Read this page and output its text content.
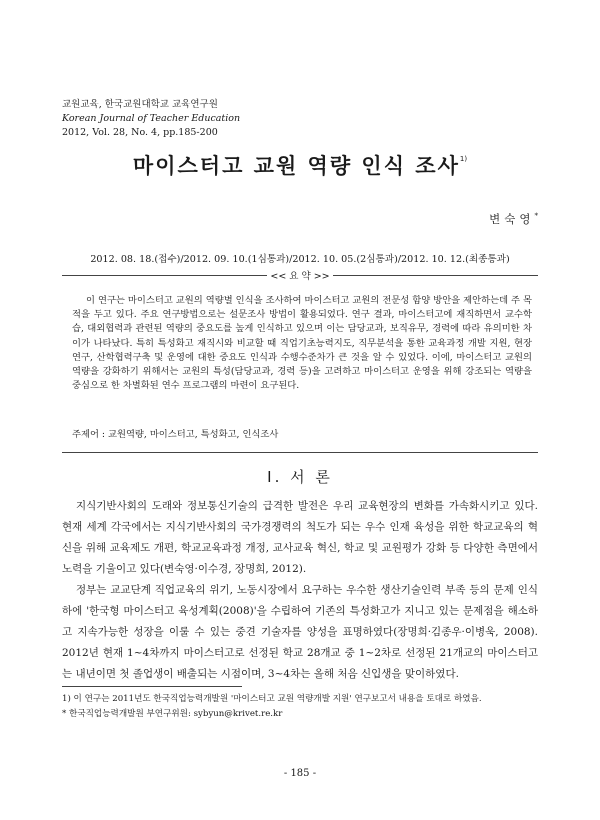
교원교육, 한국교원대학교 교육연구원
Korean Journal of Teacher Education
2012, Vol. 28, No. 4, pp.185-200
마이스터고 교원 역량 인식 조사$^{1)}$
변숙영*
2012. 08. 18.(접수)/2012. 09. 10.(1심통과)/2012. 10. 05.(2심통과)/2012. 10. 12.(최종통과)
<< 요 약 >>

이 연구는 마이스터고 교원의 역량별 인식을 조사하여 마이스터고 교원의 전문성 함양 방안을 제안하는데 주 목적을 두고 있다. 주요 연구방법으로는 설문조사 방법이 활용되었다. 연구 결과, 마이스터고에 재직하면서 교수학습, 대외협력과 관련된 역량의 중요도를 높게 인식하고 있으며 이는 담당교과, 보직유무, 경력에 따라 유의미한 차이가 나타났다. 특히 특성화고 재직시와 비교할 때 직업기초능력지도, 직무분석을 통한 교육과정 개발 지원, 현장연구, 산학협력구축 및 운영에 대한 중요도 인식과 수행수준차가 큰 것을 알 수 있었다. 이에, 마이스터고 교원의 역량을 강화하기 위해서는 교원의 특성(담당교과, 경력 등)을 고려하고 마이스터고 운영을 위해 강조되는 역량을 중심으로 한 차별화된 연수 프로그램의 마련이 요구된다.

주제어 : 교원역량, 마이스터고, 특성화고, 인식조사
Ⅰ. 서 론

지식기반사회의 도래와 정보통신기술의 급격한 발전은 우리 교육현장의 변화를 가속화시키고 있다. 현재 세계 각국에서는 지식기반사회의 국가경쟁력의 척도가 되는 우수 인재 육성을 위한 학교교육의 혁신을 위해 교육제도 개편, 학교교육과정 개정, 교사교육 혁신, 학교 및 교원평가 강화 등 다양한 측면에서 노력을 기울이고 있다(변숙영·이수경, 장명희, 2012).

정부는 교교단계 직업교육의 위기, 노동시장에서 요구하는 우수한 생산기술인력 부족 등의 문제 인식하에 '한국형 마이스터고 육성계획(2008)'을 수립하여 기존의 특성화고가 지니고 있는 문제점을 해소하고 지속가능한 성장을 이룰 수 있는 중견 기술자를 양성을 표명하였다(장명희·김종우·이병욱, 2008). 2012년 현재 1~4차까지 마이스터고로 선정된 학교 28개교 중 1~2차로 선정된 21개교의 마이스터고는 내년이면 첫 졸업생이 배출되는 시점이며, 3~4차는 올해 처음 신입생을 맞이하였다.

1) 이 연구는 2011년도 한국직업능력개발원 '마이스터고 교원 역량개발 지원' 연구보고서 내용을 토대로 하였음.
* 한국직업능력개발원 부연구위원: sybyun@krivet.re.kr
- 185 -
